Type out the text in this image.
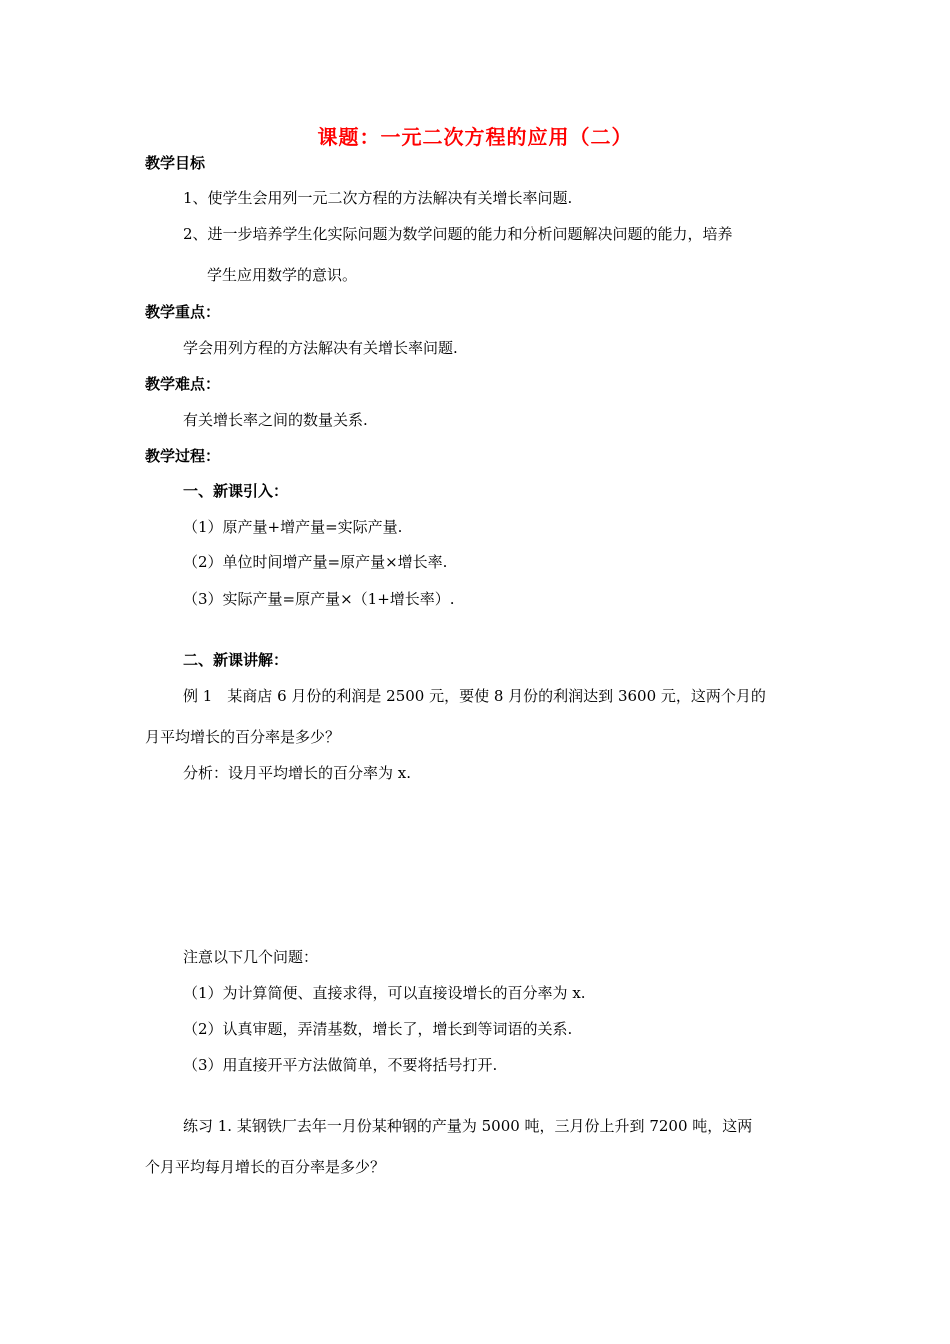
课题：一元二次方程的应用（二）
教学目标
1、使学生会用列一元二次方程的方法解决有关增长率问题.
2、进一步培养学生化实际问题为数学问题的能力和分析问题解决问题的能力，培养
学生应用数学的意识。
教学重点：
学会用列方程的方法解决有关增长率问题.
教学难点：
有关增长率之间的数量关系.
教学过程：
一、新课引入：
（1）原产量+增产量=实际产量.
（2）单位时间增产量=原产量×增长率.
（3）实际产量=原产量×（1+增长率）.
二、新课讲解：
例 1　某商店 6 月份的利润是 2500 元，要使 8 月份的利润达到 3600 元，这两个月的
月平均增长的百分率是多少？
分析：设月平均增长的百分率为 x.
注意以下几个问题：
（1）为计算简便、直接求得，可以直接设增长的百分率为 x.
（2）认真审题，弄清基数，增长了，增长到等词语的关系.
（3）用直接开平方法做简单，不要将括号打开.
练习 1. 某钢铁厂去年一月份某种钢的产量为 5000 吨，三月份上升到 7200 吨，这两
个月平均每月增长的百分率是多少？
